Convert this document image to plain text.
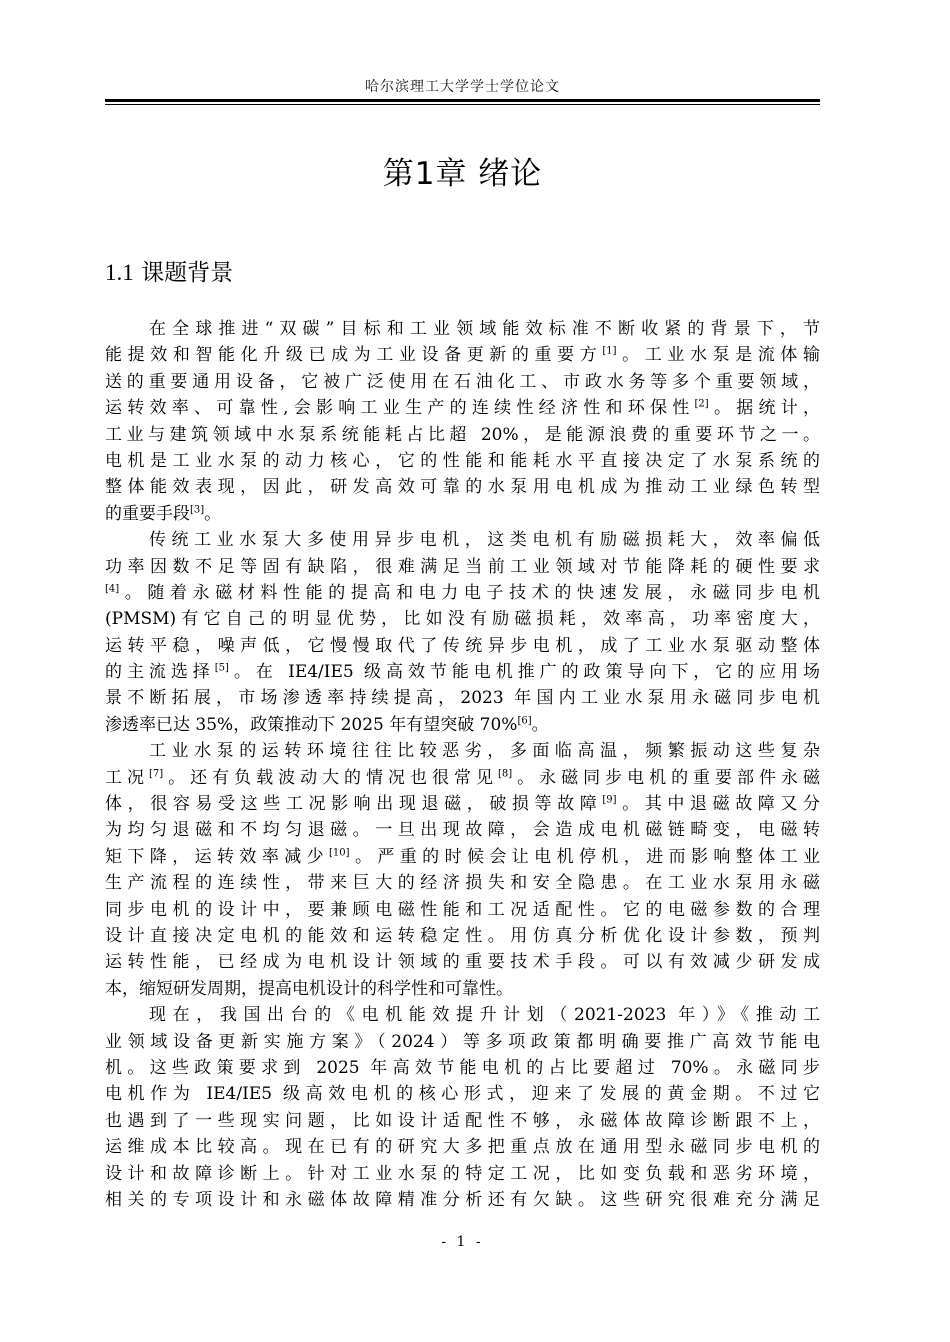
哈尔滨理工大学学士学位论文
第1章 绪论
1.1 课题背景
在全球推进“双碳”目标和工业领域能效标准不断收紧的背景下，节
能提效和智能化升级已成为工业设备更新的重要方[1]。工业水泵是流体输
送的重要通用设备，它被广泛使用在石油化工、市政水务等多个重要领域，
运转效率、可靠性,会影响工业生产的连续性经济性和环保性[2]。据统计，
工业与建筑领域中水泵系统能耗占比超 20%，是能源浪费的重要环节之一。
电机是工业水泵的动力核心，它的性能和能耗水平直接决定了水泵系统的
整体能效表现，因此，研发高效可靠的水泵用电机成为推动工业绿色转型
的重要手段[3]。
传统工业水泵大多使用异步电机，这类电机有励磁损耗大，效率偏低
功率因数不足等固有缺陷，很难满足当前工业领域对节能降耗的硬性要求
[4]。随着永磁材料性能的提高和电力电子技术的快速发展，永磁同步电机
(PMSM)有它自己的明显优势，比如没有励磁损耗，效率高，功率密度大，
运转平稳，噪声低，它慢慢取代了传统异步电机，成了工业水泵驱动整体
的主流选择[5]。在 IE4/IE5 级高效节能电机推广的政策导向下，它的应用场
景不断拓展，市场渗透率持续提高，2023 年国内工业水泵用永磁同步电机
渗透率已达 35%，政策推动下 2025 年有望突破 70%[6]。
工业水泵的运转环境往往比较恶劣，多面临高温，频繁振动这些复杂
工况[7]。还有负载波动大的情况也很常见[8]。永磁同步电机的重要部件永磁
体，很容易受这些工况影响出现退磁，破损等故障[9]。其中退磁故障又分
为均匀退磁和不均匀退磁。一旦出现故障，会造成电机磁链畸变，电磁转
矩下降，运转效率减少[10]。严重的时候会让电机停机，进而影响整体工业
生产流程的连续性，带来巨大的经济损失和安全隐患。在工业水泵用永磁
同步电机的设计中，要兼顾电磁性能和工况适配性。它的电磁参数的合理
设计直接决定电机的能效和运转稳定性。用仿真分析优化设计参数，预判
运转性能，已经成为电机设计领域的重要技术手段。可以有效减少研发成
本，缩短研发周期，提高电机设计的科学性和可靠性。
现在，我国出台的《电机能效提升计划（2021-2023 年）》《推动工
业领域设备更新实施方案》（2024）等多项政策都明确要推广高效节能电
机。这些政策要求到 2025 年高效节能电机的占比要超过 70%。永磁同步
电机作为 IE4/IE5 级高效电机的核心形式，迎来了发展的黄金期。不过它
也遇到了一些现实问题，比如设计适配性不够，永磁体故障诊断跟不上，
运维成本比较高。现在已有的研究大多把重点放在通用型永磁同步电机的
设计和故障诊断上。针对工业水泵的特定工况，比如变负载和恶劣环境，
相关的专项设计和永磁体故障精准分析还有欠缺。这些研究很难充分满足
- 1 -
